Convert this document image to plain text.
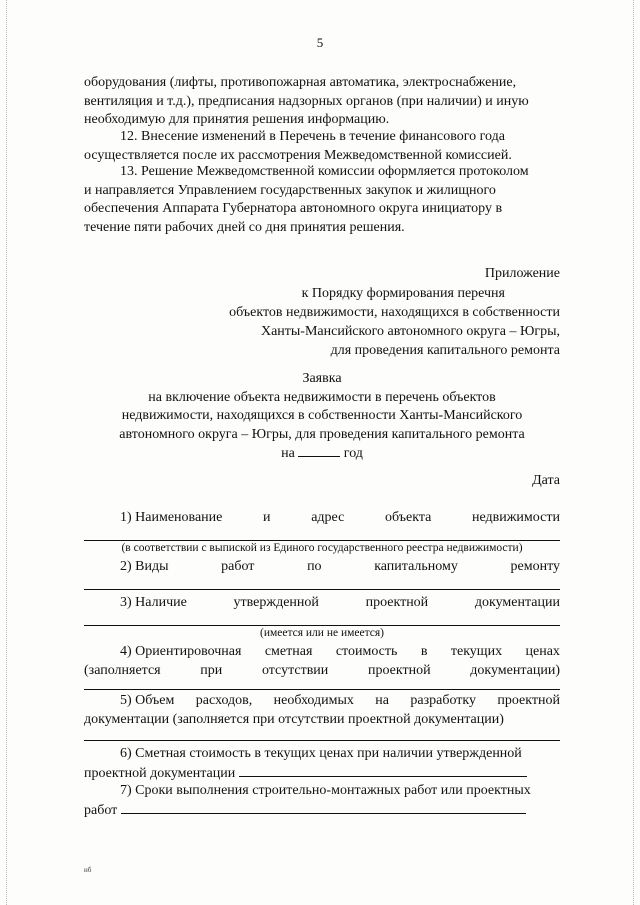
5

оборудования (лифты, противопожарная автоматика, электроснабжение,

вентиляция и т.д.), предписания надзорных органов (при наличии) и иную

необходимую для принятия решения информацию.

12. Внесение изменений в Перечень в течение финансового года

осуществляется после их рассмотрения Межведомственной комиссией.

13. Решение Межведомственной комиссии оформляется протоколом

и направляется Управлением государственных закупок и жилищного

обеспечения Аппарата Губернатора автономного округа инициатору в

течение пяти рабочих дней со дня принятия решения.

Приложение
к Порядку формирования перечня
объектов недвижимости, находящихся в собственности
Ханты-Мансийского автономного округа – Югры,
для проведения капитального ремонта
Заявка
на включение объекта недвижимости в перечень объектов
недвижимости, находящихся в собственности Ханты-Мансийского
автономного округа – Югры, для проведения капитального ремонта
на	год
Дата
1) Наименование	и	адрес	объекта	недвижимости
(в соответствии с выпиской из Единого государственного реестра недвижимости)
2) Виды	работ	по	капитальному	ремонту
3) Наличие	утвержденной	проектной	документации
(имеется или не имеется)
4) Ориентировочная сметная стоимость в текущих ценах
(заполняется	при	отсутствии	проектной	документации)
5) Объем расходов, необходимых на разработку проектной
документации (заполняется при отсутствии проектной документации)
6) Сметная стоимость в текущих ценах при наличии утвержденной
проектной документации
7) Сроки выполнения строительно-монтажных работ или проектных
работ
нб
